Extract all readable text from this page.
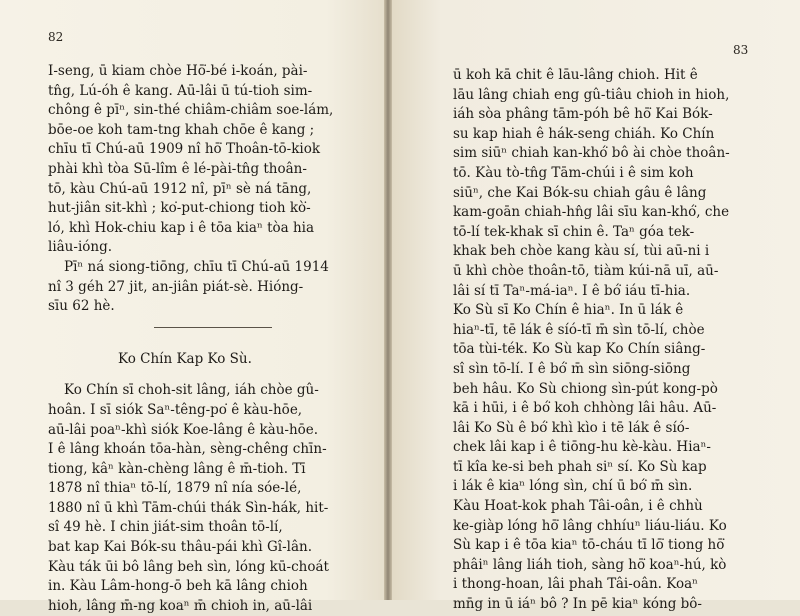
82
83
ū koh kā chit ê lāu-lâng chioh. Hit ê
lāu lâng chiah eng gû-tiâu chioh in hioh,
iáh sòa phâng tām-póh bê hō͘ Kai Bók-
su kap hiah ê hák-seng chiáh. Ko Chín
sim siūⁿ chiah kan-khó͘ bô ài chòe thoân-
tō. Kàu tò-tn̂g Tām-chúi i ê sim koh
siūⁿ, che Kai Bók-su chiah gâu ê lâng
kam-goān chiah-hn̂g lâi sīu kan-khó͘, che
tō-lí tek-khak sī chin ê. Taⁿ góa tek-
khak beh chòe kang kàu sí, tùi aū-ni i
ū khì chòe thoân-tō, tiàm kúi-nā uī, aū-
lâi sí tī Taⁿ-má-iaⁿ. I ê bó͘ iáu tī-hia.
Ko Sù sī Ko Chín ê hiaⁿ. In ū lák ê
hiaⁿ-tī, tē lák ê síó-tī m̄ sìn tō-lí, chòe
tōa tùi-ték. Ko Sù kap Ko Chín siâng-
sî sìn tō-lí. I ê bó͘ m̄ sìn siōng-siōng
beh hâu. Ko Sù chiong sìn-pút kong-pò
kā i hūi, i ê bó͘ koh chhòng lâi hâu. Aū-
lâi Ko Sù ê bó͘ khì kìo i tē lák ê síó-
chek lâi kap i ê tiōng-hu kè-kàu. Hiaⁿ-
tī kîa ke-si beh phah siⁿ sí. Ko Sù kap
i lák ê kiaⁿ lóng sìn, chí ū bó͘ m̄ sìn.
Kàu Hoat-kok phah Tâi-oân, i ê chhù
ke-giàp lóng hō͘ lâng chhíuⁿ liáu-liáu. Ko
Sù kap i ê tōa kiaⁿ tō-cháu tī lō͘ tiong hō͘
phâiⁿ lâng liáh tioh, sàng hō͘ koaⁿ-hú, kò
i thong-hoan, lâi phah Tâi-oân. Koaⁿ
mn̄g in ū iáⁿ bô ? In pē kiaⁿ kóng bô-
I-seng, ū kiam chòe Hō͘-bé i-koán, pài-
tn̂g, Lú-óh ê kang. Aū-lâi ū tú-tioh sim-
chông ê pīⁿ, sin-thé chiâm-chiâm soe-lám,
bōe-oe koh tam-tng khah chōe ê kang ;
chīu tī Chú-aū 1909 nî hō͘ Thoân-tō-kiok
phài khì tòa Sū-lîm ê lé-pài-tn̂g thoân-
tō, kàu Chú-aū 1912 nî, pīⁿ sè ná tāng,
hut-jiân sit-khì ; ko͘-put-chiong tioh kò͘-
ló, khì Hok-chiu kap i ê tōa kiaⁿ tòa hia
liâu-ióng.
Pīⁿ ná siong-tiōng, chīu tī Chú-aū 1914
nî 3 géh 27 jit, an-jiân piát-sè. Hióng-
sīu 62 hè.
Ko Chín Kap Ko Sù.
Ko Chín sī choh-sit lâng, iáh chòe gû-
hoân. I sī siók Saⁿ-têng-po͘ ê kàu-hōe,
aū-lâi poaⁿ-khì siók Koe-lâng ê kàu-hōe.
I ê lâng khoán tōa-hàn, sèng-chêng chīn-
tiong, kâⁿ kàn-chèng lâng ê m̄-tioh. Tī
1878 nî thiaⁿ tō-lí, 1879 nî nía sóe-lé,
1880 nî ū khì Tām-chúi thák Sìn-hák, hit-
sî 49 hè. I chin jiát-sim thoân tō-lí,
bat kap Kai Bók-su thâu-pái khì Gî-lân.
Kàu ták ūi bô lâng beh sìn, lóng kū-choát
in. Kàu Lâm-hong-ō beh kā lâng chioh
hioh, lâng m̄-ng koaⁿ m̄ chioh in, aū-lâi
